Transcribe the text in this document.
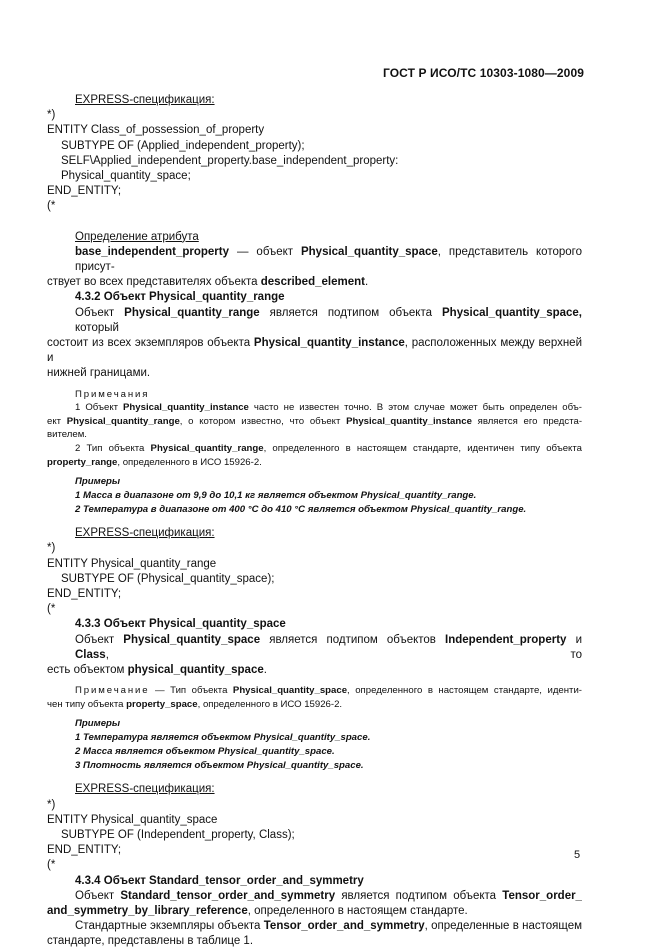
ГОСТ Р ИСО/ТС 10303-1080—2009
EXPRESS-спецификация:
*)
ENTITY Class_of_possession_of_property
SUBTYPE OF (Applied_independent_property);
SELF\Applied_independent_property.base_independent_property:
Physical_quantity_space;
END_ENTITY;
(*
Определение атрибута
base_independent_property — объект Physical_quantity_space, представитель которого присут-
ствует во всех представителях объекта described_element.
4.3.2 Объект Physical_quantity_range
Объект Physical_quantity_range является подтипом объекта Physical_quantity_space, который
состоит из всех экземпляров объекта Physical_quantity_instance, расположенных между верхней и
нижней границами.
Примечания
1 Объект Physical_quantity_instance часто не известен точно. В этом случае может быть определен объ-
ект Physical_quantity_range, о котором известно, что объект Physical_quantity_instance является его предста-
вителем.
2 Тип объекта Physical_quantity_range, определенного в настоящем стандарте, идентичен типу объекта
property_range, определенного в ИСО 15926-2.
Примеры
1 Масса в диапазоне от 9,9 до 10,1 кг является объектом Physical_quantity_range.
2 Температура в диапазоне от 400 °C до 410 °C является объектом Physical_quantity_range.
EXPRESS-спецификация:
*)
ENTITY Physical_quantity_range
SUBTYPE OF (Physical_quantity_space);
END_ENTITY;
(*
4.3.3 Объект Physical_quantity_space
Объект Physical_quantity_space является подтипом объектов Independent_property и Class, то
есть объектом physical_quantity_space.
Примечание — Тип объекта Physical_quantity_space, определенного в настоящем стандарте, иденти-
чен типу объекта property_space, определенного в ИСО 15926-2.
Примеры
1 Температура является объектом Physical_quantity_space.
2 Масса является объектом Physical_quantity_space.
3 Плотность является объектом Physical_quantity_space.
EXPRESS-спецификация:
*)
ENTITY Physical_quantity_space
SUBTYPE OF (Independent_property, Class);
END_ENTITY;
(*
4.3.4 Объект Standard_tensor_order_and_symmetry
Объект Standard_tensor_order_and_symmetry является подтипом объекта Tensor_order_
and_symmetry_by_library_reference, определенного в настоящем стандарте.
Стандартные экземпляры объекта Tensor_order_and_symmetry, определенные в настоящем
стандарте, представлены в таблице 1.
5
